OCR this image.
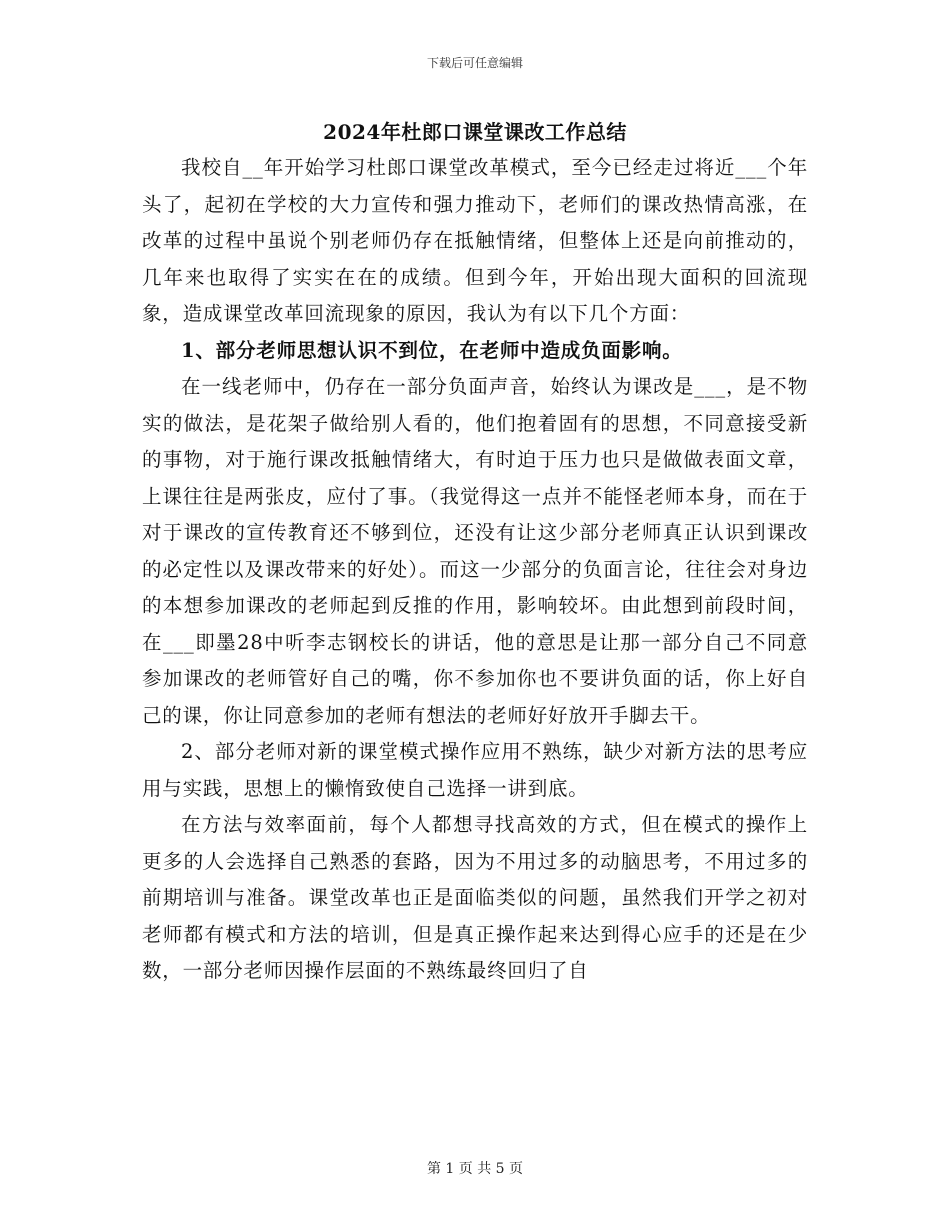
下载后可任意编辑
2024年杜郎口课堂课改工作总结

我校自__年开始学习杜郎口课堂改革模式，至今已经走过将近___个年头了，起初在学校的大力宣传和强力推动下，老师们的课改热情高涨，在改革的过程中虽说个别老师仍存在抵触情绪，但整体上还是向前推动的，几年来也取得了实实在在的成绩。但到今年，开始出现大面积的回流现象，造成课堂改革回流现象的原因，我认为有以下几个方面：

1、部分老师思想认识不到位，在老师中造成负面影响。

在一线老师中，仍存在一部分负面声音，始终认为课改是___，是不物实的做法，是花架子做给别人看的，他们抱着固有的思想，不同意接受新的事物，对于施行课改抵触情绪大，有时迫于压力也只是做做表面文章，上课往往是两张皮，应付了事。（我觉得这一点并不能怪老师本身，而在于对于课改的宣传教育还不够到位，还没有让这少部分老师真正认识到课改的必定性以及课改带来的好处）。而这一少部分的负面言论，往往会对身边的本想参加课改的老师起到反推的作用，影响较坏。由此想到前段时间，在___即墨28中听李志钢校长的讲话，他的意思是让那一部分自己不同意参加课改的老师管好自己的嘴，你不参加你也不要讲负面的话，你上好自己的课，你让同意参加的老师有想法的老师好好放开手脚去干。

2、部分老师对新的课堂模式操作应用不熟练，缺少对新方法的思考应用与实践，思想上的懒惰致使自己选择一讲到底。

在方法与效率面前，每个人都想寻找高效的方式，但在模式的操作上更多的人会选择自己熟悉的套路，因为不用过多的动脑思考，不用过多的前期培训与准备。课堂改革也正是面临类似的问题，虽然我们开学之初对老师都有模式和方法的培训，但是真正操作起来达到得心应手的还是在少数，一部分老师因操作层面的不熟练最终回归了自

第 1 页 共 5 页
